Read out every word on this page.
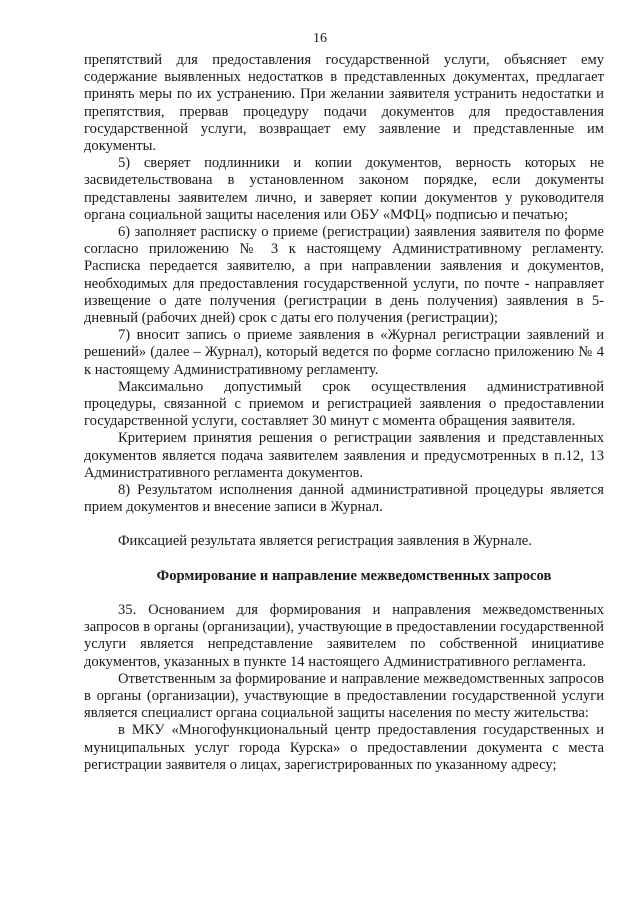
16

препятствий для предоставления государственной услуги, объясняет ему содержание выявленных недостатков в представленных документах, предлагает принять меры по их устранению. При желании заявителя устранить недостатки и препятствия, прервав процедуру подачи документов для предоставления государственной услуги, возвращает ему заявление и представленные им документы.

5) сверяет подлинники и копии документов, верность которых не засвидетельствована в установленном законом порядке, если документы представлены заявителем лично, и заверяет копии документов у руководителя органа социальной защиты населения или ОБУ «МФЦ» подписью и печатью;

6) заполняет расписку о приеме (регистрации) заявления заявителя по форме согласно приложению № 3 к настоящему Административному регламенту. Расписка передается заявителю, а при направлении заявления и документов, необходимых для предоставления государственной услуги, по почте - направляет извещение о дате получения (регистрации в день получения) заявления в 5-дневный (рабочих дней) срок с даты его получения (регистрации);

7) вносит запись о приеме заявления в «Журнал регистрации заявлений и решений» (далее – Журнал), который ведется по форме согласно приложению № 4 к настоящему Административному регламенту.

Максимально допустимый срок осуществления административной процедуры, связанной с приемом и регистрацией заявления о предоставлении государственной услуги, составляет 30 минут с момента обращения заявителя.

Критерием принятия решения о регистрации заявления и представленных документов является подача заявителем заявления и предусмотренных в п.12, 13 Административного регламента документов.

8) Результатом исполнения данной административной процедуры является прием документов и внесение записи в Журнал.

Фиксацией результата является регистрация заявления в Журнале.

Формирование и направление межведомственных запросов

35. Основанием для формирования и направления межведомственных запросов в органы (организации), участвующие в предоставлении государственной услуги является непредставление заявителем по собственной инициативе документов, указанных в пункте 14 настоящего Административного регламента.

Ответственным за формирование и направление межведомственных запросов в органы (организации), участвующие в предоставлении государственной услуги является специалист органа социальной защиты населения по месту жительства:

в МКУ «Многофункциональный центр предоставления государственных и муниципальных услуг города Курска» о предоставлении документа с места регистрации заявителя о лицах, зарегистрированных по указанному адресу;
